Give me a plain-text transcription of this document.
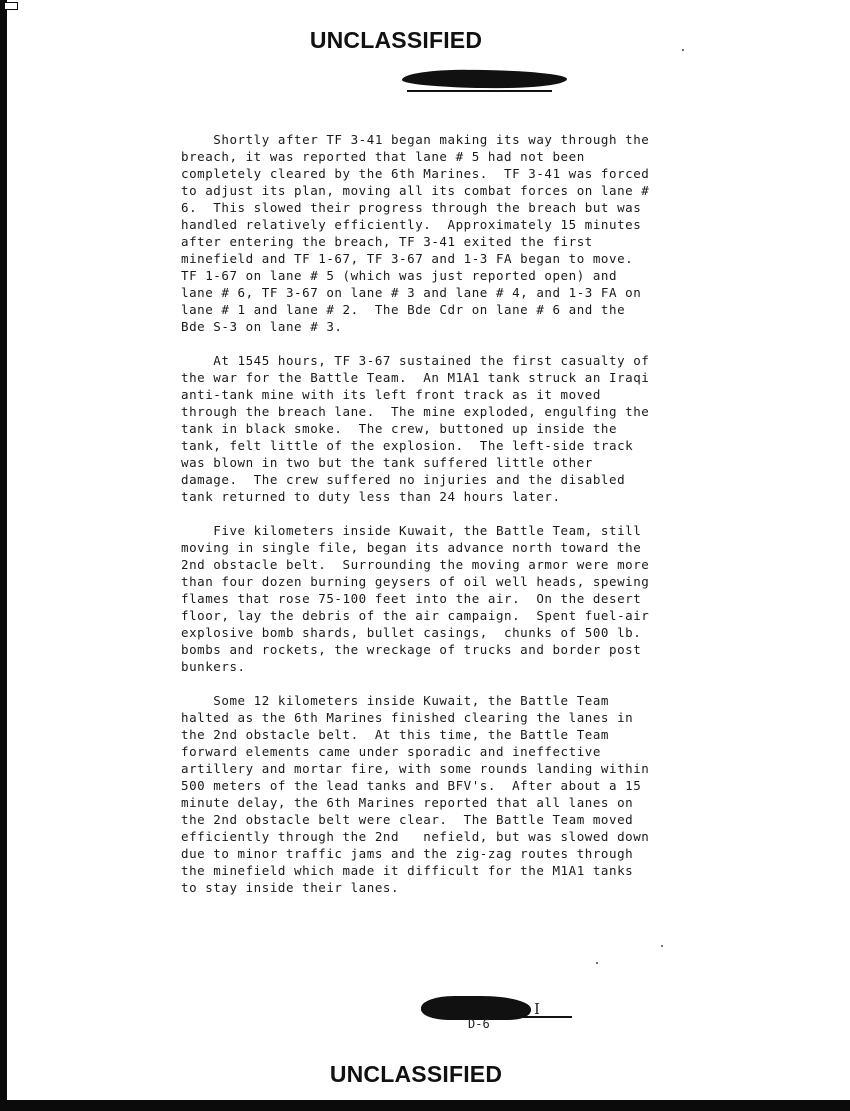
UNCLASSIFIED
Shortly after TF 3-41 began making its way through the
breach, it was reported that lane # 5 had not been
completely cleared by the 6th Marines.  TF 3-41 was forced
to adjust its plan, moving all its combat forces on lane #
6.  This slowed their progress through the breach but was
handled relatively efficiently.  Approximately 15 minutes
after entering the breach, TF 3-41 exited the first
minefield and TF 1-67, TF 3-67 and 1-3 FA began to move.
TF 1-67 on lane # 5 (which was just reported open) and
lane # 6, TF 3-67 on lane # 3 and lane # 4, and 1-3 FA on
lane # 1 and lane # 2.  The Bde Cdr on lane # 6 and the
Bde S-3 on lane # 3.
At 1545 hours, TF 3-67 sustained the first casualty of
the war for the Battle Team.  An M1A1 tank struck an Iraqi
anti-tank mine with its left front track as it moved
through the breach lane.  The mine exploded, engulfing the
tank in black smoke.  The crew, buttoned up inside the
tank, felt little of the explosion.  The left-side track
was blown in two but the tank suffered little other
damage.  The crew suffered no injuries and the disabled
tank returned to duty less than 24 hours later.
Five kilometers inside Kuwait, the Battle Team, still
moving in single file, began its advance north toward the
2nd obstacle belt.  Surrounding the moving armor were more
than four dozen burning geysers of oil well heads, spewing
flames that rose 75-100 feet into the air.  On the desert
floor, lay the debris of the air campaign.  Spent fuel-air
explosive bomb shards, bullet casings,  chunks of 500 lb.
bombs and rockets, the wreckage of trucks and border post
bunkers.
Some 12 kilometers inside Kuwait, the Battle Team
halted as the 6th Marines finished clearing the lanes in
the 2nd obstacle belt.  At this time, the Battle Team
forward elements came under sporadic and ineffective
artillery and mortar fire, with some rounds landing within
500 meters of the lead tanks and BFV's.  After about a 15
minute delay, the 6th Marines reported that all lanes on
the 2nd obstacle belt were clear.  The Battle Team moved
efficiently through the 2nd   nefield, but was slowed down
due to minor traffic jams and the zig-zag routes through
the minefield which made it difficult for the M1A1 tanks
to stay inside their lanes.
I
D-6
UNCLASSIFIED
